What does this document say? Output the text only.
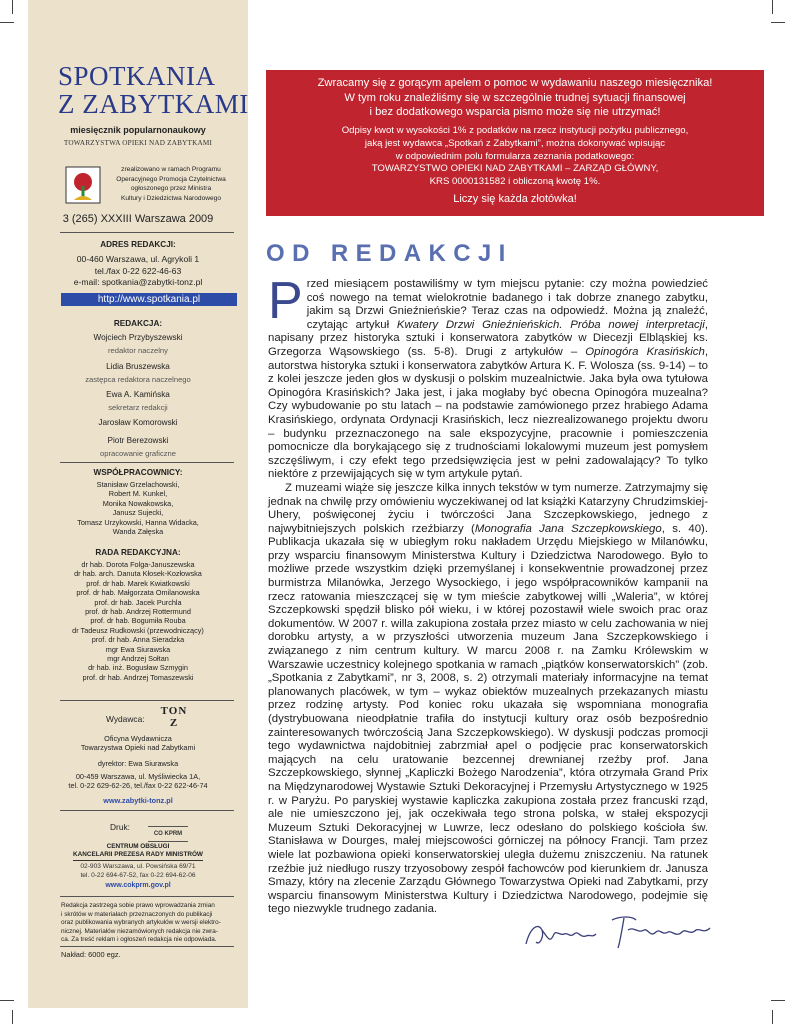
SPOTKANIA
Z ZABYTKAMI
miesięcznik popularnonaukowy
TOWARZYSTWA OPIEKI NAD ZABYTKAMI
zrealizowano w ramach Programu
Operacyjnego Promocja Czytelnictwa
ogłoszonego przez Ministra
Kultury i Dziedzictwa Narodowego
3 (265) XXXIII Warszawa 2009
ADRES REDAKCJI:
00-460 Warszawa, ul. Agrykoli 1
tel./fax 0-22 622-46-63
e-mail: spotkania@zabytki-tonz.pl
http://www.spotkania.pl
REDAKCJA:
Wojciech Przybyszewski
redaktor naczelny
Lidia Bruszewska
zastępca redaktora naczelnego
Ewa A. Kamińska
sekretarz redakcji
Jarosław Komorowski
Piotr Berezowski
opracowanie graficzne
WSPÓŁPRACOWNICY:
Stanisław Grzelachowski,
Robert M. Kunkel,
Monika Nowakowska,
Janusz Sujecki,
Tomasz Urzykowski, Hanna Widacka,
Wanda Załęska
RADA REDAKCYJNA:
dr hab. Dorota Folga-Januszewska
dr hab. arch. Danuta Kłosek-Kozłowska
prof. dr hab. Marek Kwiatkowski
prof. dr hab. Małgorzata Omilanowska
prof. dr hab. Jacek Purchla
prof. dr hab. Andrzej Rottermund
prof. dr hab. Bogumiła Rouba
dr Tadeusz Rudkowski (przewodniczący)
prof. dr hab. Anna Sieradzka
mgr Ewa Siurawska
mgr Andrzej Sołtan
dr hab. inż. Bogusław Szmygin
prof. dr hab. Andrzej Tomaszewski
Wydawca:
TONZ
Oficyna Wydawnicza
Towarzystwa Opieki nad Zabytkami
dyrektor: Ewa Siurawska
00-459 Warszawa, ul. Myśliwiecka 1A,
tel. 0-22 629-62-26, tel./fax 0-22 622-46-74
www.zabytki-tonz.pl
Druk:
CO KPRM
CENTRUM OBSŁUGI
KANCELARII PREZESA RADY MINISTRÓW
02-903 Warszawa, ul. Powsińska 69/71
tel. 0-22 694-67-52, fax 0-22 694-62-06
www.cokprm.gov.pl
Redakcja zastrzega sobie prawo wprowadzania zmian
i skrótów w materiałach przeznaczonych do publikacji
oraz publikowania wybranych artykułów w wersji elektro-
nicznej. Materiałów niezamówionych redakcja nie zwra-
ca. Za treść reklam i ogłoszeń redakcja nie odpowiada.
Nakład: 6000 egz.
Zwracamy się z gorącym apelem o pomoc w wydawaniu naszego miesięcznika!
W tym roku znaleźliśmy się w szczególnie trudnej sytuacji finansowej
i bez dodatkowego wsparcia pismo może się nie utrzymać!
Odpisy kwot w wysokości 1% z podatków na rzecz instytucji pożytku publicznego,
jaką jest wydawca „Spotkań z Zabytkami”, można dokonywać wpisując
w odpowiednim polu formularza zeznania podatkowego:
TOWARZYSTWO OPIEKI NAD ZABYTKAMI – ZARZĄD GŁÓWNY,
KRS 0000131582 i obliczoną kwotę 1%.
Liczy się każda złotówka!
OD REDAKCJI

Przed miesiącem postawiliśmy w tym miejscu pytanie: czy można powiedzieć coś nowego na temat wielokrotnie badanego i tak dobrze znanego zabytku, jakim są Drzwi Gnieźnieńskie? Teraz czas na odpowiedź. Można ją znaleźć, czytając artykuł Kwatery Drzwi Gnieźnieńskich. Próba nowej interpretacji, napisany przez historyka sztuki i konserwatora zabytków w Diecezji Elbląskiej ks. Grzegorza Wąsowskiego (ss. 5-8). Drugi z artykułów – Opinogóra Krasińskich, autorstwa historyka sztuki i konserwatora zabytków Artura K. F. Wolosza (ss. 9-14) – to z kolei jeszcze jeden głos w dyskusji o polskim muzealnictwie. Jaka była owa tytułowa Opinogóra Krasińskich? Jaka jest, i jaka mogłaby być obecna Opinogóra muzealna? Czy wybudowanie po stu latach – na podstawie zamówionego przez hrabiego Adama Krasińskiego, ordynata Ordynacji Krasińskich, lecz niezrealizowanego projektu dworu – budynku przeznaczonego na sale ekspozycyjne, pracownie i pomieszczenia pomocnicze dla borykającego się z trudnościami lokalowymi muzeum jest pomysłem szczęśliwym, i czy efekt tego przedsięwzięcia jest w pełni zadowalający? To tylko niektóre z przewijających się w tym artykule pytań.

Z muzeami wiąże się jeszcze kilka innych tekstów w tym numerze. Zatrzymajmy się jednak na chwilę przy omówieniu wyczekiwanej od lat książki Katarzyny Chrudzimskiej-Uhery, poświęconej życiu i twórczości Jana Szczepkowskiego, jednego z najwybitniejszych polskich rzeźbiarzy (Monografia Jana Szczepkowskiego, s. 40). Publikacja ukazała się w ubiegłym roku nakładem Urzędu Miejskiego w Milanówku, przy wsparciu finansowym Ministerstwa Kultury i Dziedzictwa Narodowego. Było to możliwe przede wszystkim dzięki przemyślanej i konsekwentnie prowadzonej przez burmistrza Milanówka, Jerzego Wysockiego, i jego współpracowników kampanii na rzecz ratowania mieszczącej się w tym mieście zabytkowej willi „Waleria”, w której Szczepkowski spędził blisko pół wieku, i w której pozostawił wiele swoich prac oraz dokumentów. W 2007 r. willa zakupiona została przez miasto w celu zachowania w niej dorobku artysty, a w przyszłości utworzenia muzeum Jana Szczepkowskiego i związanego z nim centrum kultury. W marcu 2008 r. na Zamku Królewskim w Warszawie uczestnicy kolejnego spotkania w ramach „piątków konserwatorskich” (zob. „Spotkania z Zabytkami”, nr 3, 2008, s. 2) otrzymali materiały informacyjne na temat planowanych placówek, w tym – wykaz obiektów muzealnych przekazanych miastu przez rodzinę artysty. Pod koniec roku ukazała się wspomniana monografia (dystrybuowana nieodpłatnie trafiła do instytucji kultury oraz osób bezpośrednio zainteresowanych twórczością Jana Szczepkowskiego). W dyskusji podczas promocji tego wydawnictwa najdobitniej zabrzmiał apel o podjęcie prac konserwatorskich mających na celu uratowanie bezcennej drewnianej rzeźby prof. Jana Szczepkowskiego, słynnej „Kapliczki Bożego Narodzenia”, która otrzymała Grand Prix na Międzynarodowej Wystawie Sztuki Dekoracyjnej i Przemysłu Artystycznego w 1925 r. w Paryżu. Po paryskiej wystawie kapliczka zakupiona została przez francuski rząd, ale nie umieszczono jej, jak oczekiwała tego strona polska, w stałej ekspozycji Muzeum Sztuki Dekoracyjnej w Luwrze, lecz odesłano do polskiego kościoła św. Stanisława w Dourges, małej miejscowości górniczej na północy Francji. Tam przez wiele lat pozbawiona opieki konserwatorskiej uległa dużemu zniszczeniu. Na ratunek rzeźbie już niedługo ruszy trzyosobowy zespół fachowców pod kierunkiem dr. Janusza Smazy, który na zlecenie Zarządu Głównego Towarzystwa Opieki nad Zabytkami, przy wsparciu finansowym Ministerstwa Kultury i Dziedzictwa Narodowego, podejmie się tego niezwykle trudnego zadania.
